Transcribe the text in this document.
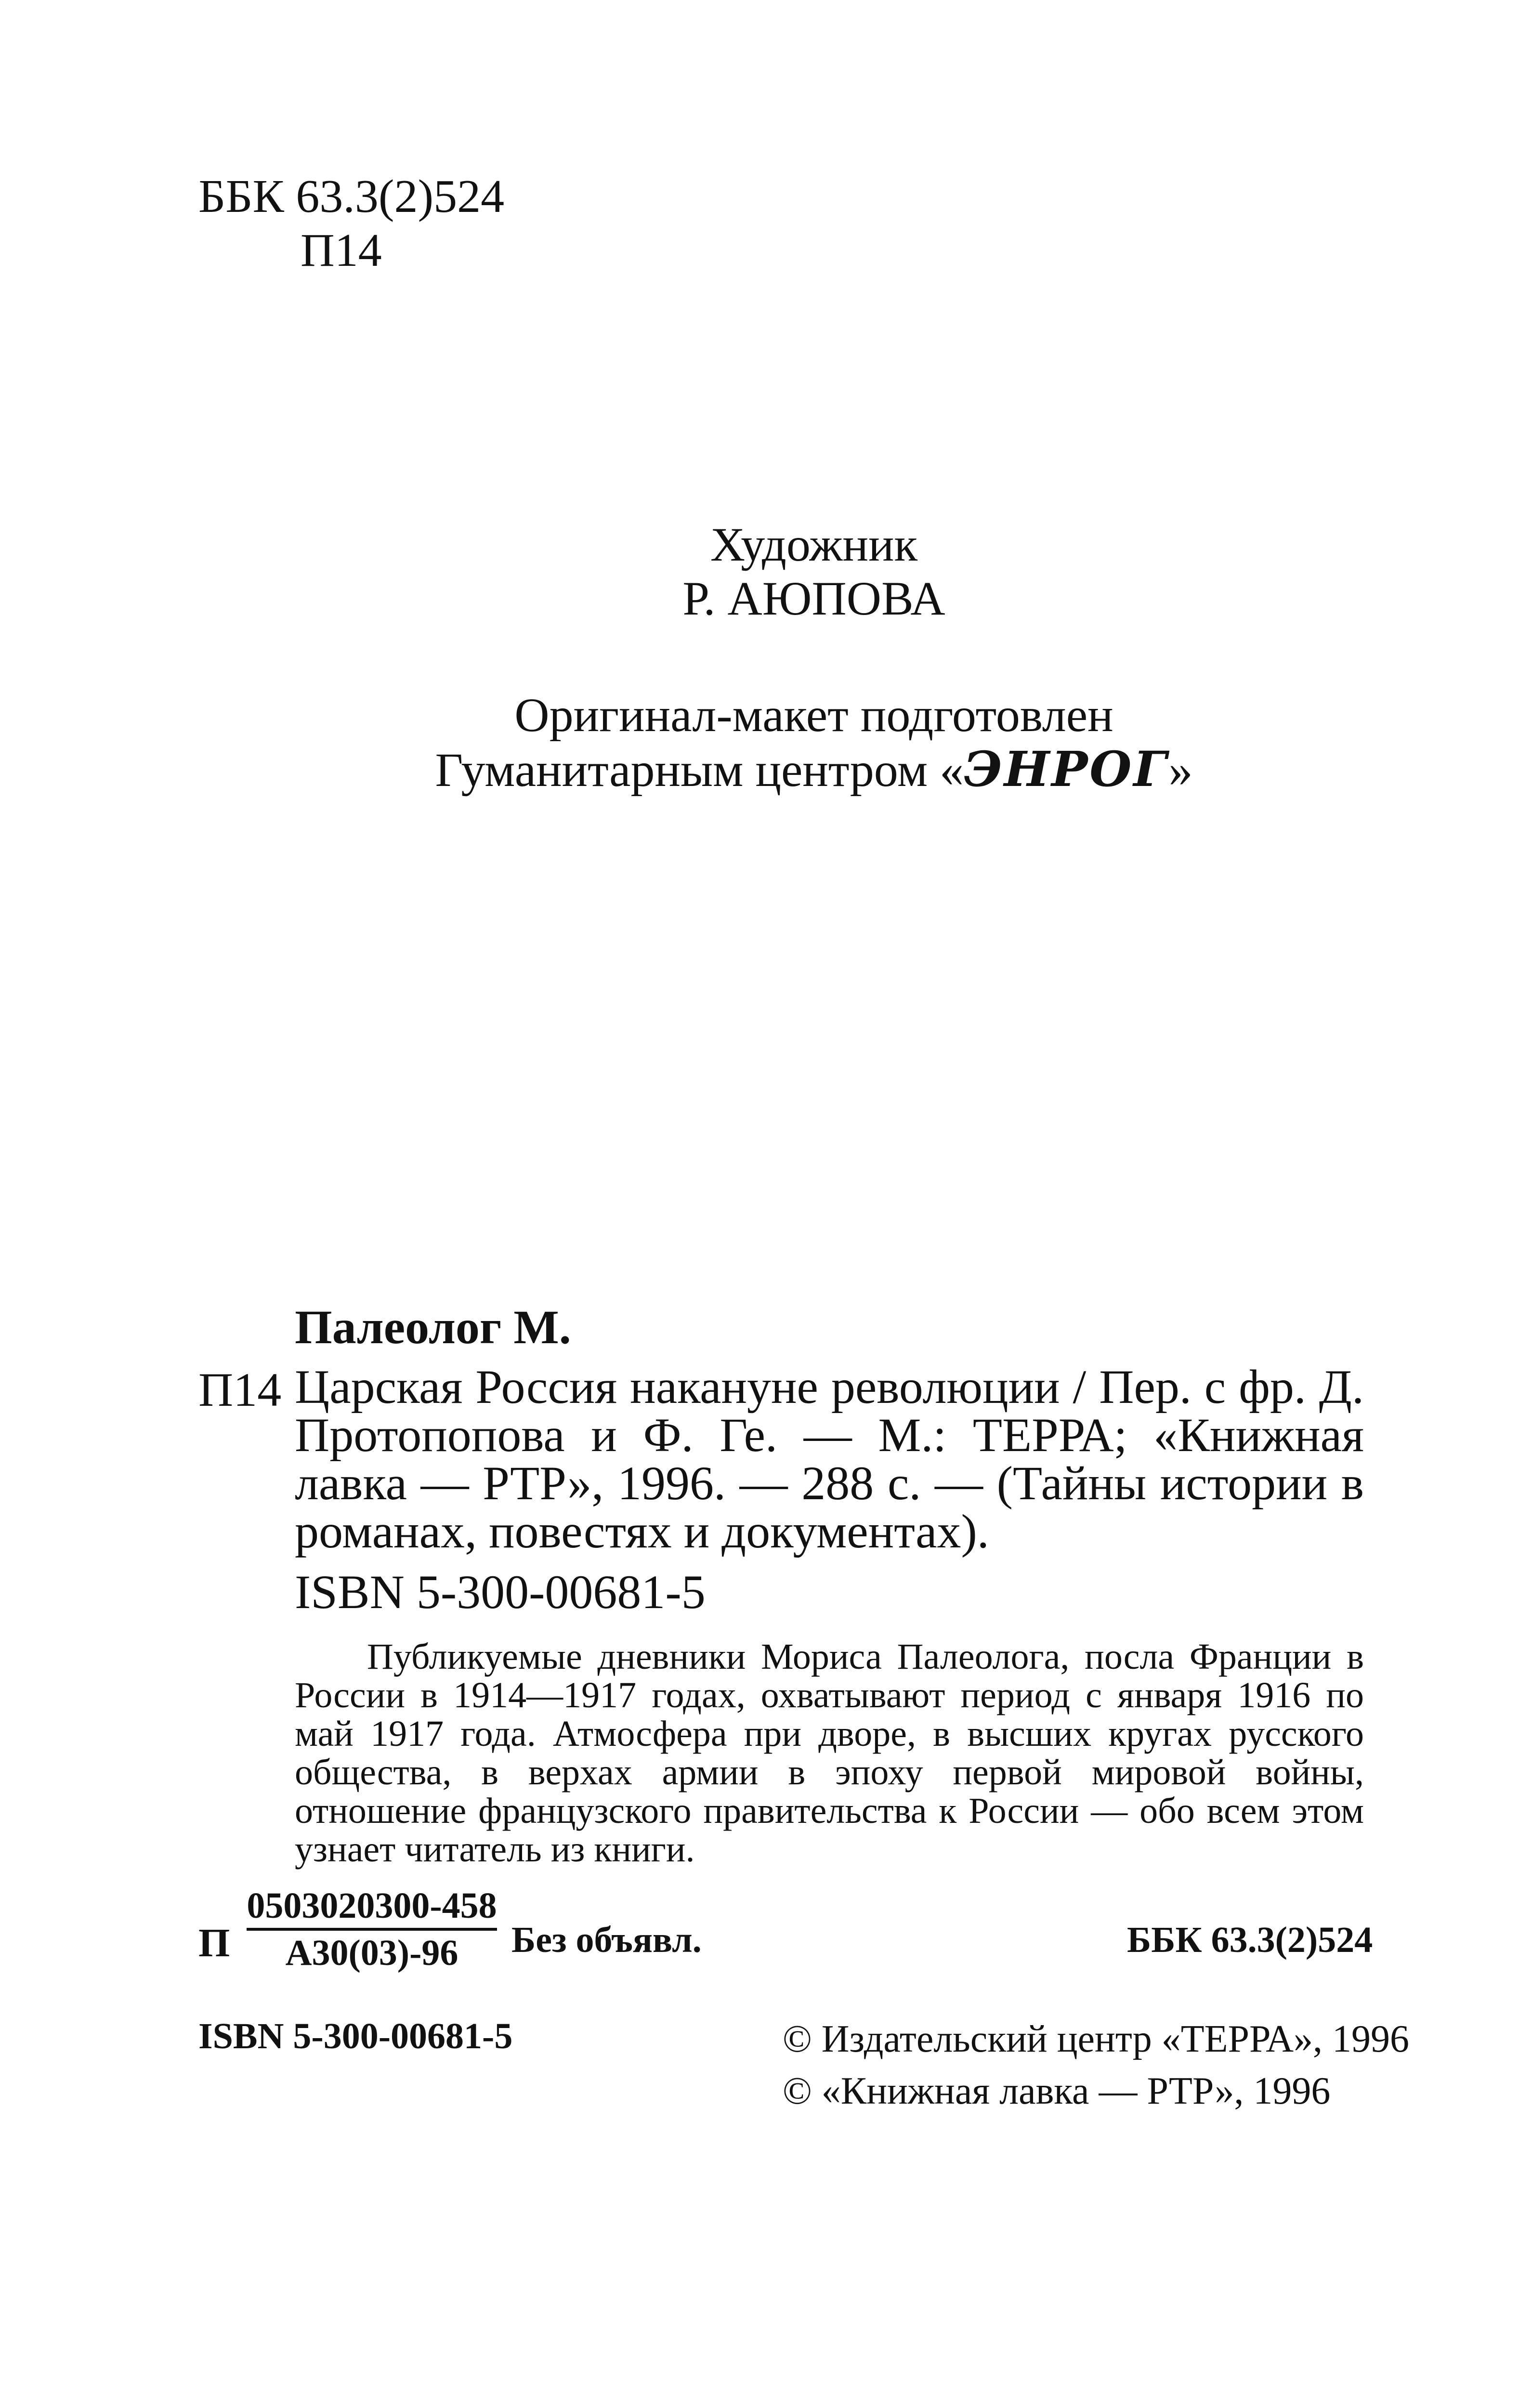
ББК 63.3(2)524
П14
Художник
Р. АЮПОВА
Оригинал-макет подготовлен
Гуманитарным центром «ЭНРОГ»
Палеолог М.
П14 Царская Россия накануне революции / Пер. с фр. Д. Протопопова и Ф. Ге. — М.: ТЕРРА; «Книжная лавка — РТР», 1996. — 288 с. — (Тайны истории в романах, повестях и документах).
ISBN 5-300-00681-5
Публикуемые дневники Мориса Палеолога, посла Франции в России в 1914—1917 годах, охватывают период с января 1916 по май 1917 года. Атмосфера при дворе, в высших кругах русского общества, в верхах армии в эпоху первой мировой войны, отношение французского правительства к России — обо всем этом узнает читатель из книги.
П
0503020300-458
А30(03)-96	Без объявл.	ББК 63.3(2)524
ISBN 5-300-00681-5	© Издательский центр «ТЕРРА», 1996
© «Книжная лавка — РТР», 1996
